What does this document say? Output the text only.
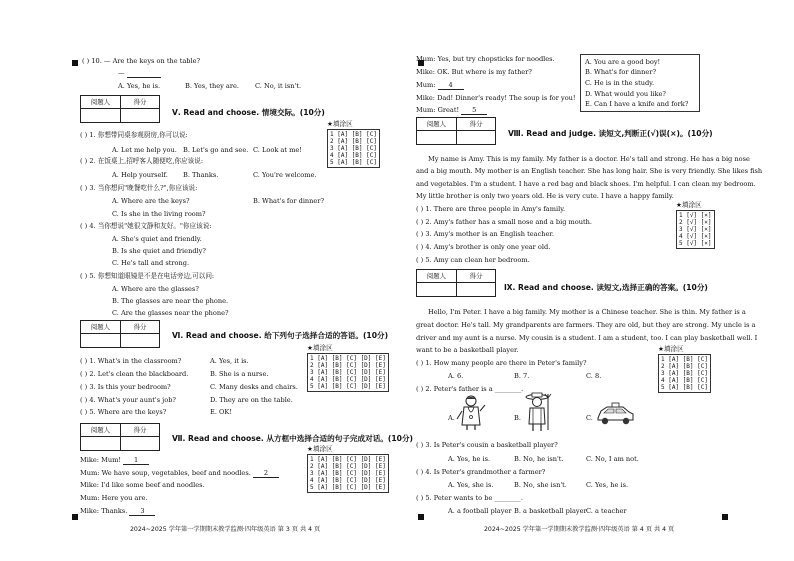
( ) 10. — Are the keys on the table?
—
A. Yes, he is.	B. Yes, they are. C. No, it isn't.
阅题人	得分
Ⅴ. Read and choose. 情境交际。(10分)
( ) 1. 你想带同桌参观厨房,你可以说:
A. Let me help you. B. Let's go and see. C. Look at me!
( ) 2. 在饭桌上,招呼客人随便吃,你应该说:
A. Help yourself. B. Thanks.	C. You're welcome.
( ) 3. 当你想问"晚餐吃什么?",你应该说:
A. Where are the keys?	B. What's for dinner?
C. Is she in the living room?
( ) 4. 当你想说"她很文静和友好。"你应该说:
A. She's quiet and friendly.
B. Is she quiet and friendly?
C. He's tall and strong.
( ) 5. 你想知道眼镜是不是在电话旁边,可以问:
A. Where are the glasses?
B. The glasses are near the phone.
C. Are the glasses near the phone?
★填涂区
1 [A] [B] [C]
2 [A] [B] [C]
3 [A] [B] [C]
4 [A] [B] [C]
5 [A] [B] [C]
阅题人	得分
Ⅵ. Read and choose. 给下列句子选择合适的答语。(10分)
( ) 1. What's in the classroom?	A. Yes, it is.
( ) 2. Let's clean the blackboard.	B. She is a nurse.
( ) 3. Is this your bedroom?	C. Many desks and chairs.
( ) 4. What's your aunt's job?	D. They are on the table.
( ) 5. Where are the keys?	E. OK!
★填涂区
1 [A] [B] [C] [D] [E]
2 [A] [B] [C] [D] [E]
3 [A] [B] [C] [D] [E]
4 [A] [B] [C] [D] [E]
5 [A] [B] [C] [D] [E]
阅题人	得分
Ⅶ. Read and choose. 从方框中选择合适的句子完成对话。(10分)
Mike: Mum! 1
Mum: We have soup, vegetables, beef and noodles. 2
Mike: I'd like some beef and noodles.
Mum: Here you are.
Mike: Thanks. 3
★填涂区
1 [A] [B] [C] [D] [E]
2 [A] [B] [C] [D] [E]
3 [A] [B] [C] [D] [E]
4 [A] [B] [C] [D] [E]
5 [A] [B] [C] [D] [E]
2024~2025 学年第一学期期末教学监测·四年级英语 第 3 页 共 4 页
Mum: Yes, but try chopsticks for noodles.
Mike: OK. But where is my father?
Mum: 4
Mike: Dad! Dinner's ready! The soup is for you!
Mum: Great! 5
A. You are a good boy!
B. What's for dinner?
C. He is in the study.
D. What would you like?
E. Can I have a knife and fork?
阅题人	得分
Ⅷ. Read and judge. 读短文,判断正(√)误(×)。(10分)
My name is Amy. This is my family. My father is a doctor. He's tall and strong. He has a big nose
and a big mouth. My mother is an English teacher. She has long hair. She is very friendly. She likes fish
and vegetables. I'm a student. I have a red bag and black shoes. I'm helpful. I can clean my bedroom.
My little brother is only two years old. He is very cute. I have a happy family.
( ) 1. There are three people in Amy's family.
( ) 2. Amy's father has a small nose and a big mouth.
( ) 3. Amy's mother is an English teacher.
( ) 4. Amy's brother is only one year old.
( ) 5. Amy can clean her bedroom.
★填涂区
1 [√] [×]
2 [√] [×]
3 [√] [×]
4 [√] [×]
5 [√] [×]
阅题人	得分
Ⅸ. Read and choose. 读短文,选择正确的答案。(10分)
Hello, I'm Peter. I have a big family. My mother is a Chinese teacher. She is thin. My father is a
great doctor. He's tall. My grandparents are farmers. They are old, but they are strong. My uncle is a
driver and my aunt is a nurse. My cousin is a student. I am a student, too. I can play basketball well. I
want to be a basketball player.
( ) 1. How many people are there in Peter's family?
A. 6.	B. 7.	C. 8.
( ) 2. Peter's father is a ________.
A.	B.	C.
( ) 3. Is Peter's cousin a basketball player?
A. Yes, he is.	B. No, he isn't.	C. No, I am not.
( ) 4. Is Peter's grandmother a farmer?
A. Yes, she is.	B. No, she isn't.	C. Yes, he is.
( ) 5. Peter wants to be ________.
A. a football player B. a basketball player C. a teacher
★填涂区
1 [A] [B] [C]
2 [A] [B] [C]
3 [A] [B] [C]
4 [A] [B] [C]
5 [A] [B] [C]
2024~2025 学年第一学期期末教学监测·四年级英语 第 4 页 共 4 页
